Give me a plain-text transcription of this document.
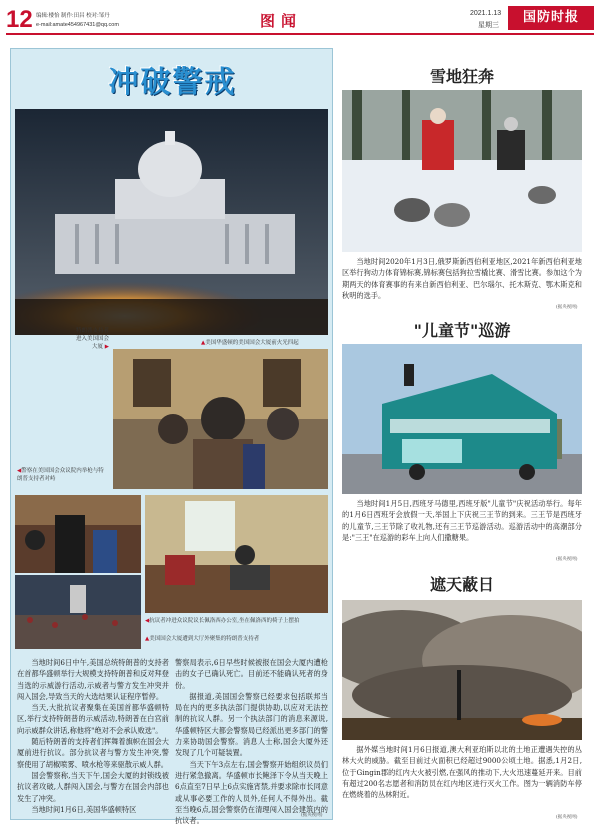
12 编辑:楼怡 制作:田昌 校对:邹丹
e-mail:amate454967431@qq.com	图闻	2021.1.13
星期三
国防时报
冲破警戒
▲美国华盛顿的美国国会大厦前火光四起
特朗普支持者进入美国国会大厦 ▶
◀警察在美国国会众议院内举枪与特朗普支持者对峙
◀抗议者冲进众议院议长佩洛西办公室,坐在佩洛西的椅子上摆拍
▲美国国会大厦遭到大厅外聚集的特朗普支持者

当地时间6日中午,美国总统特朗普的支持者在首都华盛顿举行大规模支持特朗普和反对拜登当选的示威游行活动,示威者与警方发生冲突并闯入国会,导致当天的大选结果认证程序暂停。

当天,大批抗议者聚集在美国首都华盛顿特区,举行支持特朗普的示威活动,特朗普在白宫前向示威群众讲话,称他将"绝对不会承认败选"。

随后特朗普的支持者们挥舞着旗帜在国会大厦前进行抗议。部分抗议者与警方发生冲突,警察使用了胡椒喷雾、喷水枪等来驱散示威人群。

国会警察称,当天下午,国会大厦的封锁线被抗议者攻破,人群闯入国会,与警方在国会内部也发生了冲突。

当地时间1月6日,美国华盛顿特区

警察局表示,6日早些时候被报在国会大厦内遭枪击的女子已确认死亡。目前还不能确认死者的身份。

据报道,美国国会警察已经要求包括联邦当局在内的更多执法部门提供协助,以应对无法控制的抗议人群。另一个执法部门的消息来源说,华盛顿特区大都会警察局已经派出更多部门的警力来协助国会警察。消息人士称,国会大厦外还发现了几个可疑装置。

当天下午3点左右,国会警察开始组织议员们进行紧急撤离。华盛顿市长鲍泽下令从当天晚上6点直至7日早上6点实施宵禁,并要求除市长同意或从事必要工作的人员外,任何人不得外出。截至当晚6点,国会警察仍在清理闯入国会建筑内的抗议者。

(据央视网)
雪地狂奔
当地时间2020年1月3日,俄罗斯新西伯利亚地区,2021年新西伯利亚地区举行狗动力体育锦标赛,锦标赛包括狗拉雪橇比赛、滑雪比赛。参加这个为期两天的体育赛事的有来自新西伯利亚、巴尔瑙尔、托木斯克、鄂木斯克和秋明的选手。
(据央视网)
"儿童节"巡游
当地时间1月5日,西班牙马德里,西班牙版"儿童节"庆祝活动举行。每年的1月6日西班牙会放假一天,举国上下庆祝三王节的到来。三王节是西班牙的儿童节,三王节除了收礼物,还有三王节巡游活动。巡游活动中的高潮部分是:"三王"在巡游的彩车上向人们撒糖果。
(据央视网)
遮天蔽日
据外媒当地时间1月6日报道,澳大利亚珀斯以北的土地正遭遇失控的丛林大火的威胁。截至目前过火面积已经超过9000公顷土地。据悉,1月2日,位于Gingin郡的红内大火被引燃,在强风的推动下,大火迅速蔓延开来。目前有超过200名志愿者和消防员在红内地区进行灭火工作。图为一辆消防车停在燃烧着的丛林附近。
(据央视网)
